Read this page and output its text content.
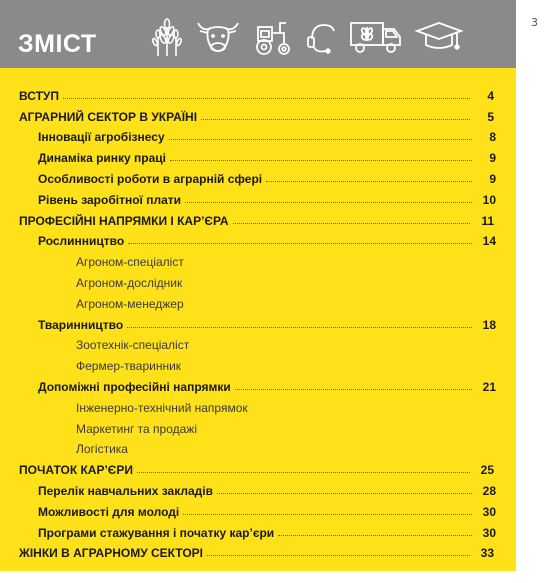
3
ЗМІСТ
ВСТУП	4
АГРАРНИЙ СЕКТОР В УКРАЇНІ	5
Інновації агробізнесу	8
Динаміка ринку праці	9
Особливості роботи в аграрній сфері	9
Рівень заробітної плати	10
ПРОФЕСІЙНІ НАПРЯМКИ І КАР’ЄРА	11
Рослинництво	14
Агроном-спеціаліст
Агроном-дослідник
Агроном-менеджер
Тваринництво	18
Зоотехнік-спеціаліст
Фермер-тваринник
Допоміжні професійні напрямки	21
Інженерно-технічний напрямок
Маркетинг та продажі
Логістика
ПОЧАТОК КАР’ЄРИ	25
Перелік навчальних закладів	28
Можливості для молоді	30
Програми стажування і початку кар’єри	30
ЖІНКИ В АГРАРНОМУ СЕКТОРІ	33
